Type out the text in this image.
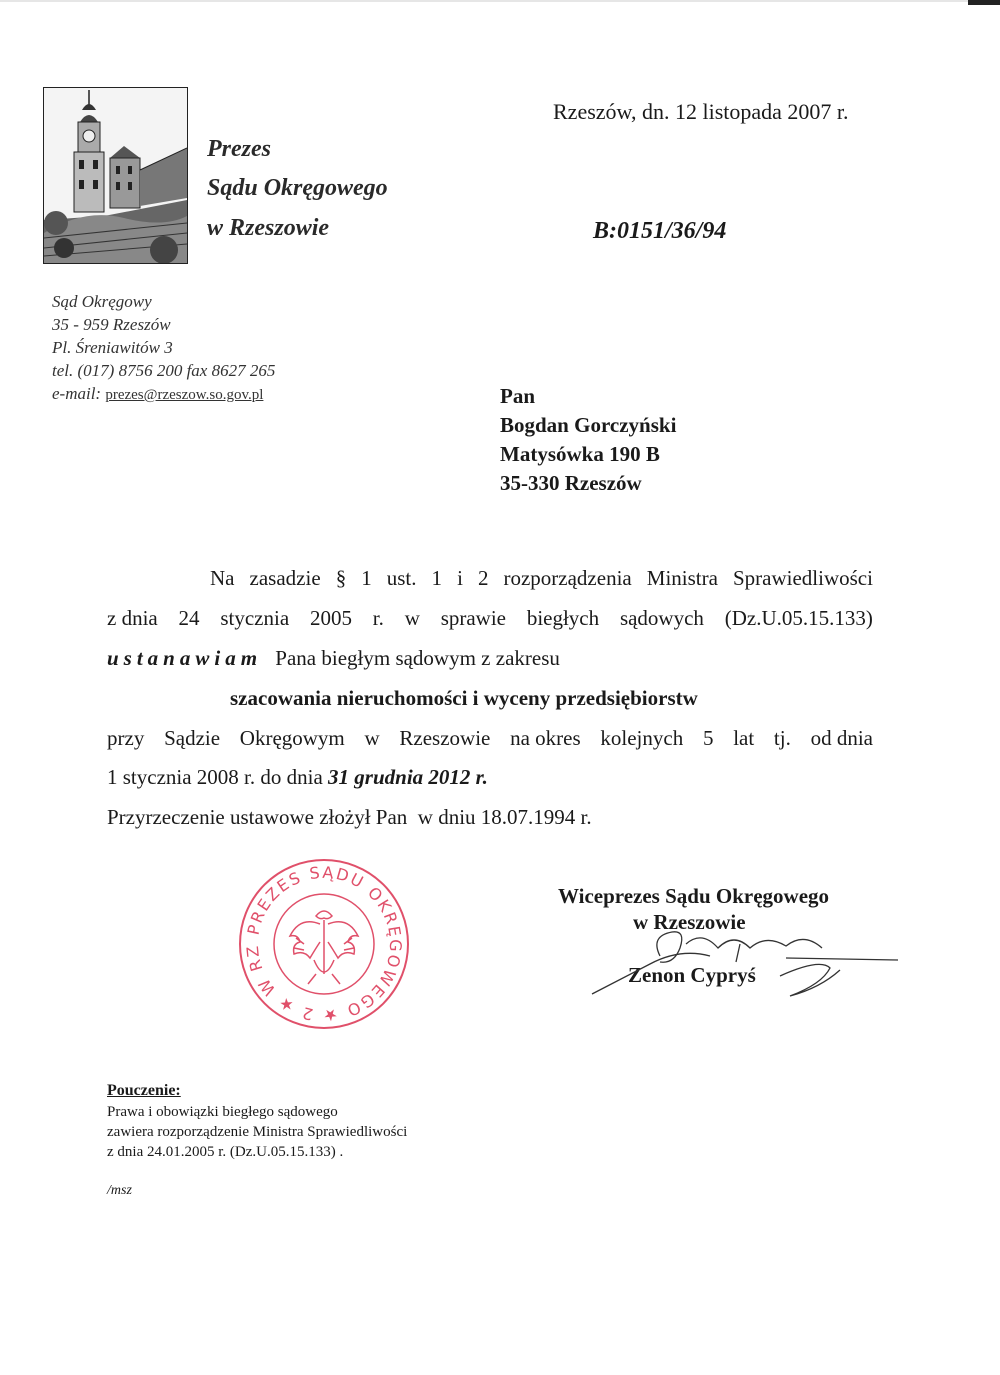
Prezes
Sądu Okręgowego
w Rzeszowie
Rzeszów, dn. 12 listopada 2007 r.
B:0151/36/94
Sąd Okręgowy
35 - 959 Rzeszów
Pl. Śreniawitów 3
tel. (017) 8756 200 fax 8627 265
e-mail: prezes@rzeszow.so.gov.pl	Pan
Bogdan Gorczyński
Matysówka 190 B
35-330 Rzeszów
Na zasadzie § 1 ust. 1 i 2 rozporządzenia Ministra Sprawiedliwości
z dnia 24 stycznia 2005 r. w sprawie biegłych sądowych (Dz.U.05.15.133)
ustanawiam Pana biegłym sądowym z zakresu
szacowania nieruchomości i wyceny przedsiębiorstw
przy Sądzie Okręgowym w Rzeszowie na okres kolejnych 5 lat tj. od dnia
1 stycznia 2008 r. do dnia 31 grudnia 2012 r.
Przyrzeczenie ustawowe złożył Pan  w dniu 18.07.1994 r.
PREZES SĄDU OKRĘGOWEGO ★ 2 ★ W RZ
Wiceprezes Sądu Okręgowego
w Rzeszowie
Zenon Cypryś
Pouczenie:
Prawa i obowiązki biegłego sądowego
zawiera rozporządzenie Ministra Sprawiedliwości
z dnia 24.01.2005 r. (Dz.U.05.15.133) .
/msz
